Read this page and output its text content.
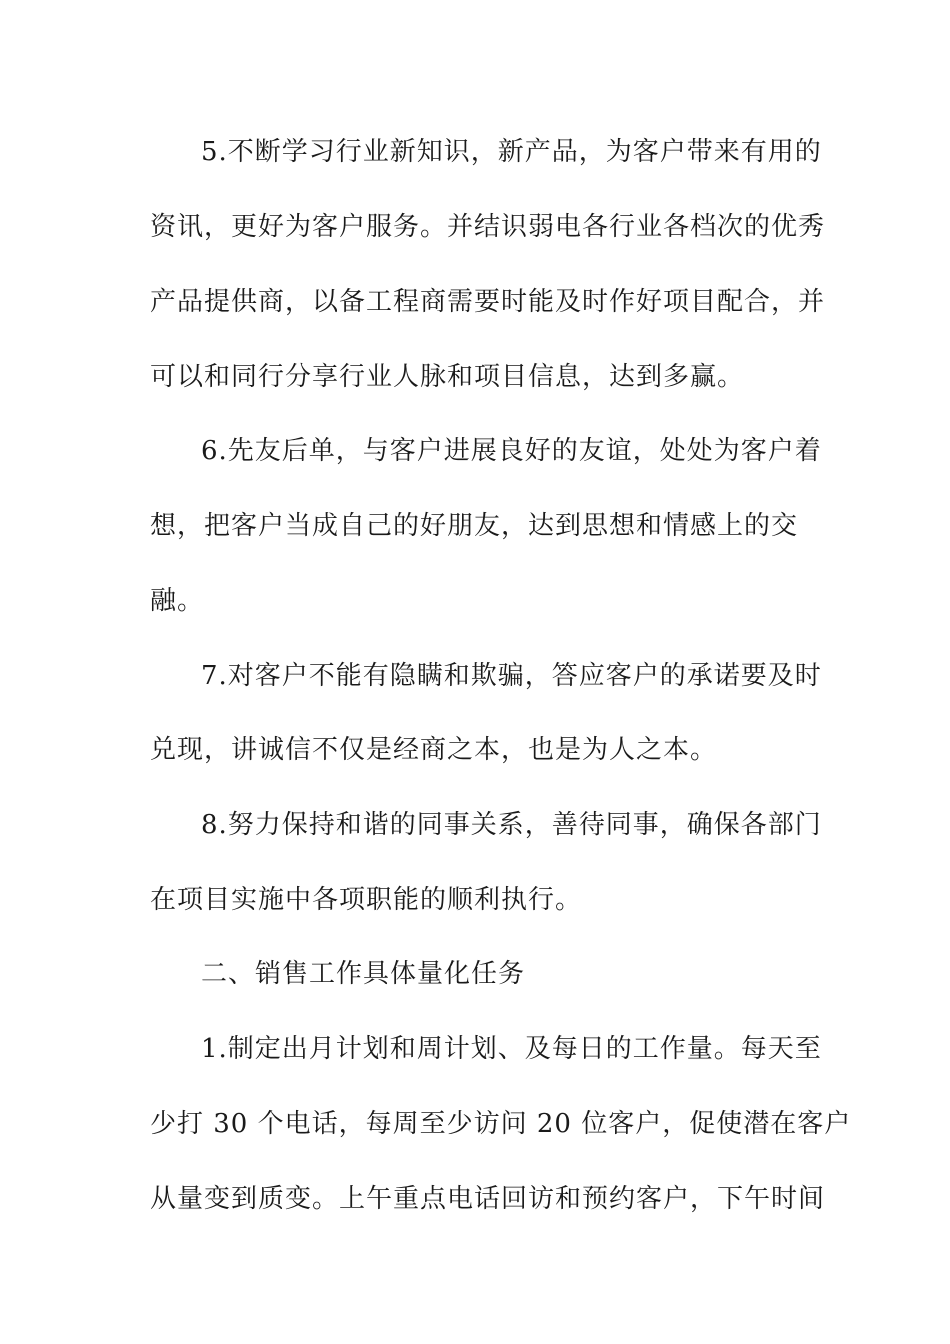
5.不断学习行业新知识，新产品，为客户带来有用的
资讯，更好为客户服务。并结识弱电各行业各档次的优秀
产品提供商，以备工程商需要时能及时作好项目配合，并
可以和同行分享行业人脉和项目信息，达到多赢。
6.先友后单，与客户进展良好的友谊，处处为客户着
想，把客户当成自己的好朋友，达到思想和情感上的交
融。
7.对客户不能有隐瞒和欺骗，答应客户的承诺要及时
兑现，讲诚信不仅是经商之本，也是为人之本。
8.努力保持和谐的同事关系，善待同事，确保各部门
在项目实施中各项职能的顺利执行。
二、销售工作具体量化任务
1.制定出月计划和周计划、及每日的工作量。每天至
少打 30 个电话，每周至少访问 20 位客户，促使潜在客户
从量变到质变。上午重点电话回访和预约客户，下午时间
